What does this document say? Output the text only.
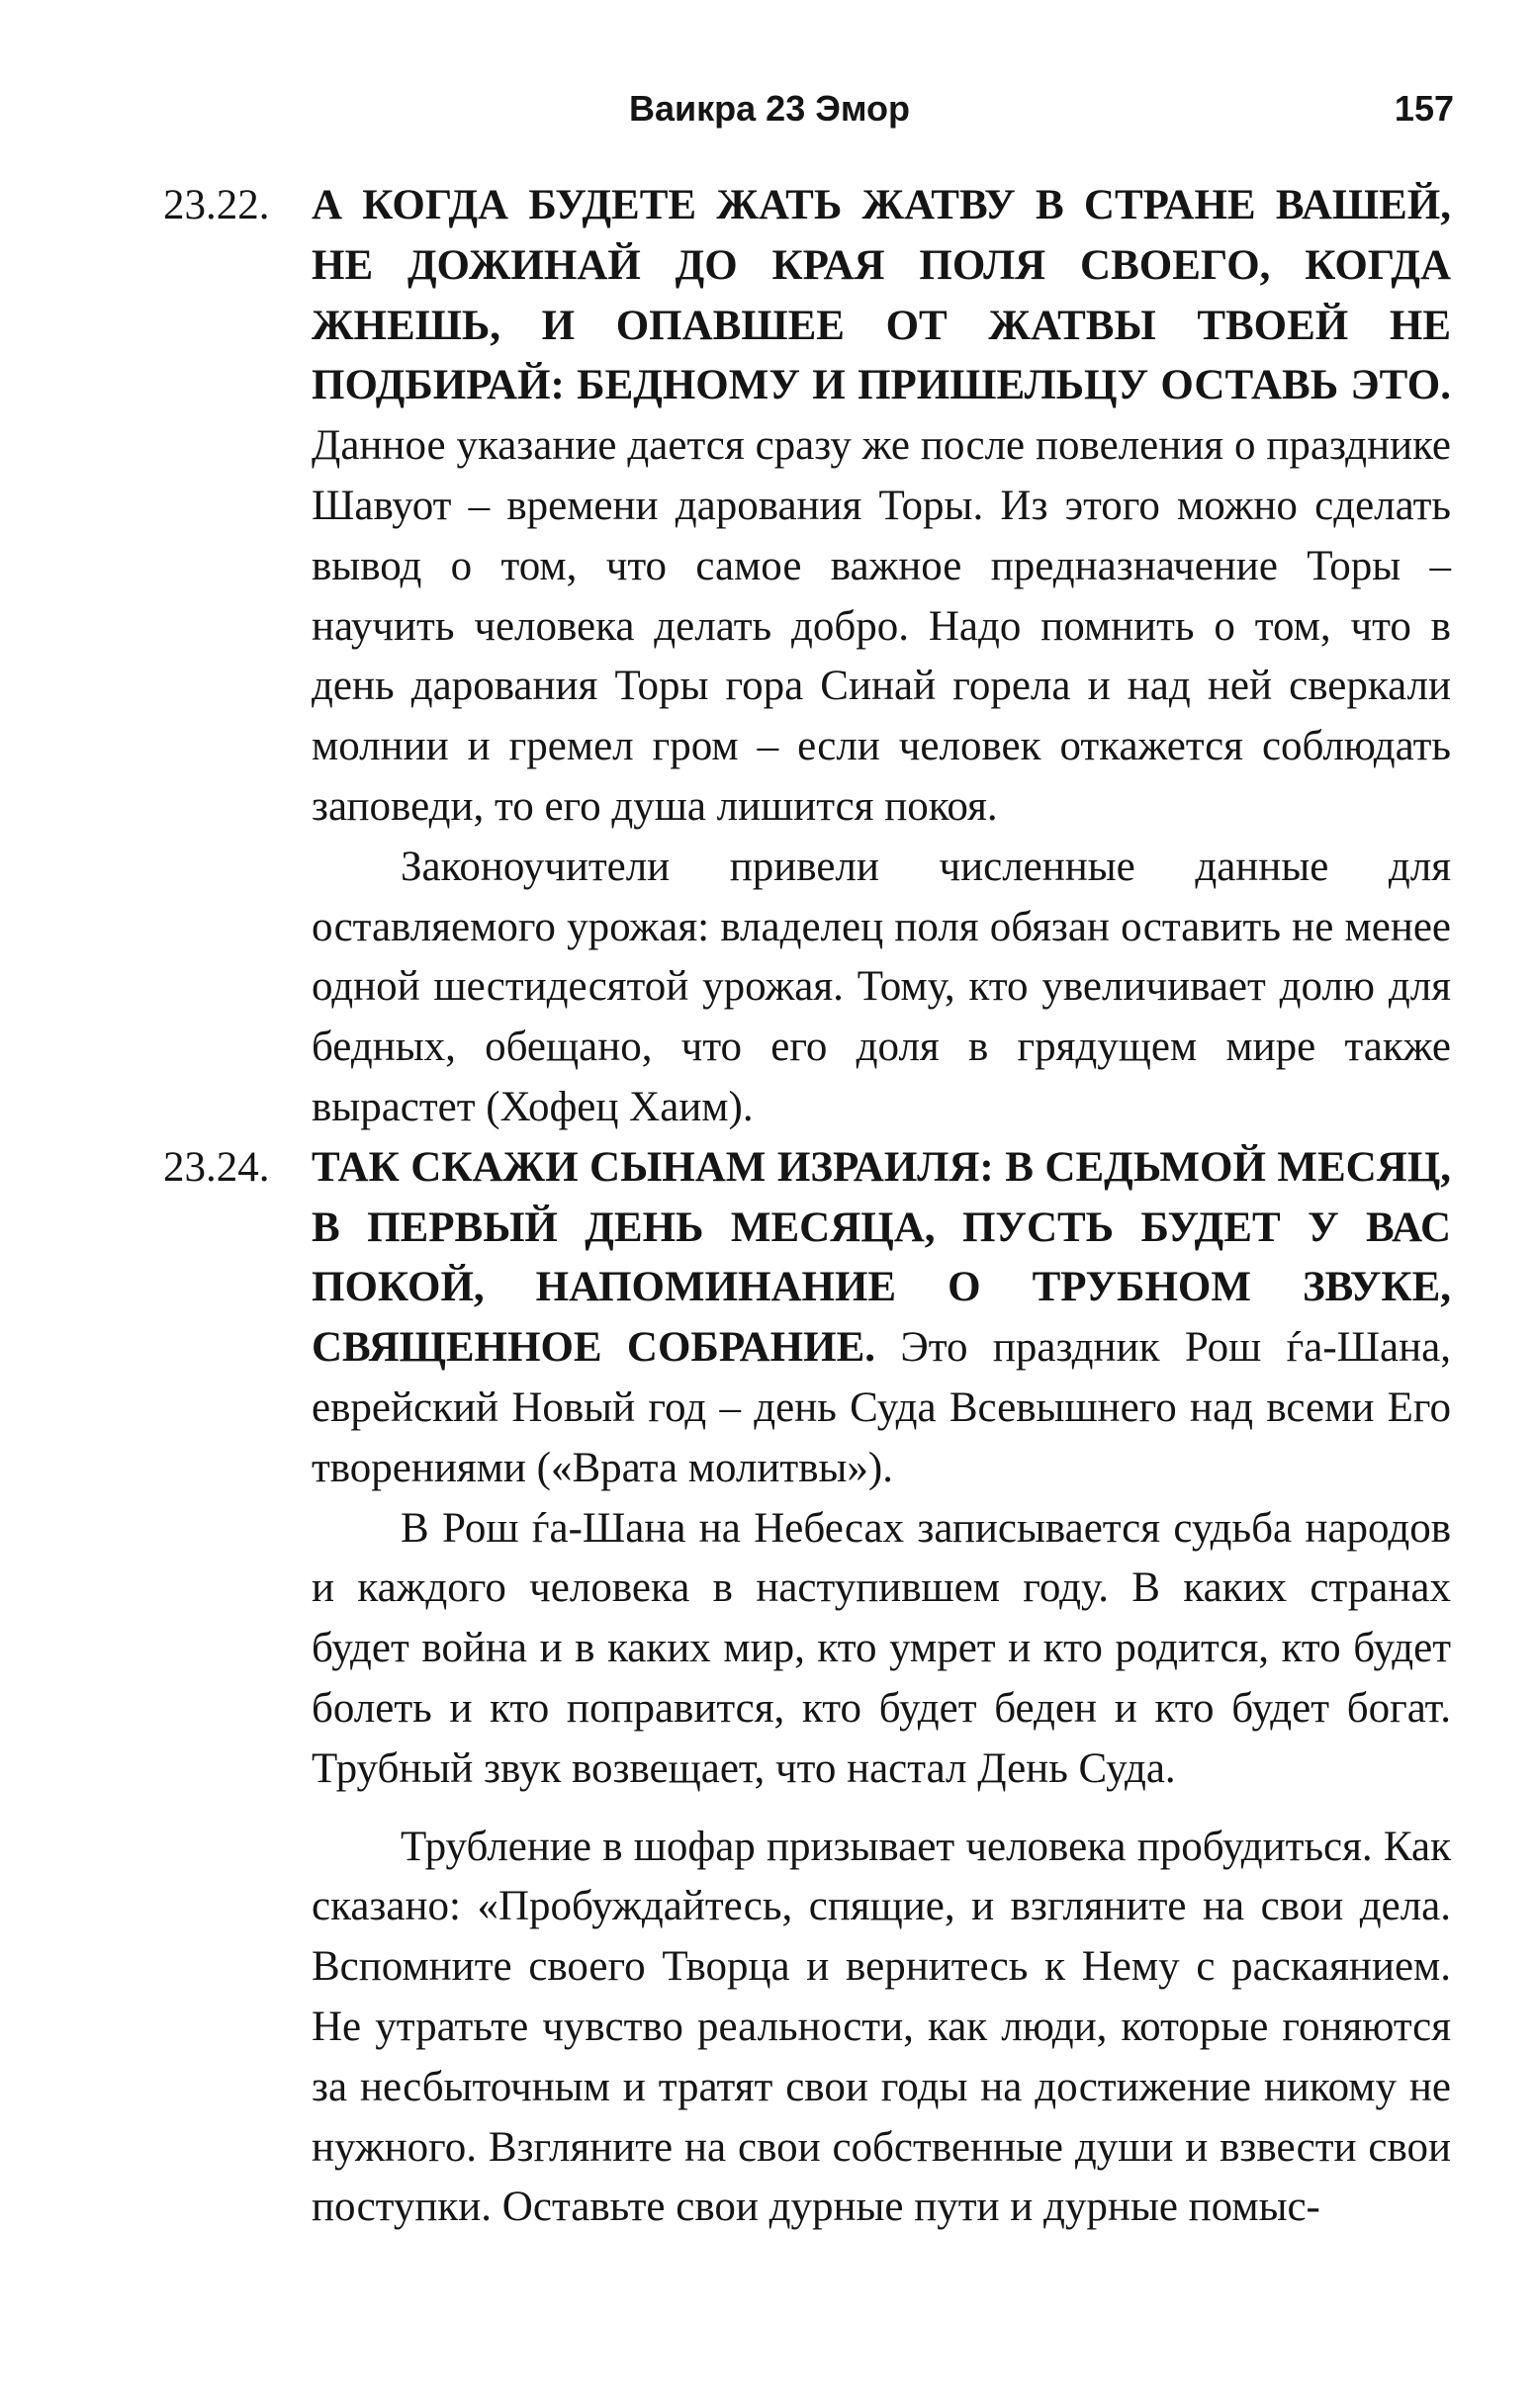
Ваикра 23 Эмор	157

23.22. А КОГДА БУДЕТЕ ЖАТЬ ЖАТВУ В СТРАНЕ ВАШЕЙ, НЕ ДОЖИНАЙ ДО КРАЯ ПОЛЯ СВОЕГО, КОГДА ЖНЕШЬ, И ОПАВШЕЕ ОТ ЖАТВЫ ТВОЕЙ НЕ ПОДБИРАЙ: БЕДНОМУ И ПРИШЕЛЬЦУ ОСТАВЬ ЭТО. Данное указание дается сразу же после повеления о празднике Шавуот – времени дарования Торы. Из этого можно сделать вывод о том, что самое важное предназначение Торы – научить человека делать добро. Надо помнить о том, что в день дарования Торы гора Синай горела и над ней сверкали молнии и гремел гром – если человек откажется соблюдать заповеди, то его душа лишится покоя.

Законоучители привели численные данные для оставляемого урожая: владелец поля обязан оставить не менее одной шестидесятой урожая. Тому, кто увеличивает долю для бедных, обещано, что его доля в грядущем мире также вырастет (Хофец Хаим).

23.24. ТАК СКАЖИ СЫНАМ ИЗРАИЛЯ: В СЕДЬМОЙ МЕСЯЦ, В ПЕРВЫЙ ДЕНЬ МЕСЯЦА, ПУСТЬ БУДЕТ У ВАС ПОКОЙ, НАПОМИНАНИЕ О ТРУБНОМ ЗВУКЕ, СВЯЩЕННОЕ СОБРАНИЕ. Это праздник Рош ѓа-Шана, еврейский Новый год – день Суда Всевышнего над всеми Его творениями («Врата молитвы»).

В Рош ѓа-Шана на Небесах записывается судьба народов и каждого человека в наступившем году. В каких странах будет война и в каких мир, кто умрет и кто родится, кто будет болеть и кто поправится, кто будет беден и кто будет богат. Трубный звук возвещает, что настал День Суда.

Трубление в шофар призывает человека пробудиться. Как сказано: «Пробуждайтесь, спящие, и взгляните на свои дела. Вспомните своего Творца и вернитесь к Нему с раскаянием. Не утратьте чувство реальности, как люди, которые гоняются за несбыточным и тратят свои годы на достижение никому не нужного. Взгляните на свои собственные души и взвести свои поступки. Оставьте свои дурные пути и дурные помыс-
